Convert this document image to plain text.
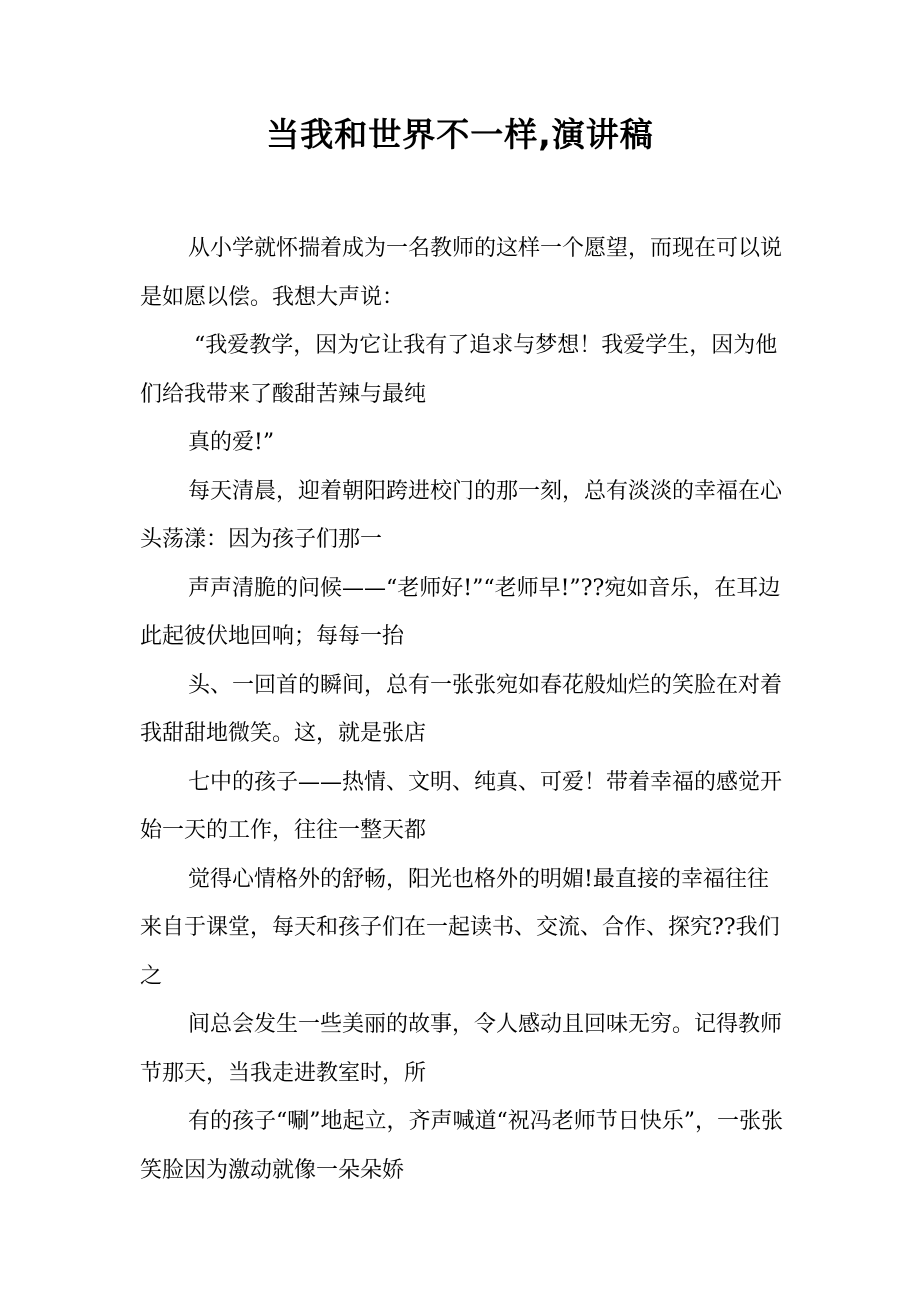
当我和世界不一样,演讲稿

从小学就怀揣着成为一名教师的这样一个愿望，而现在可以说是如愿以偿。我想大声说：

“我爱教学，因为它让我有了追求与梦想！我爱学生，因为他们给我带来了酸甜苦辣与最纯

真的爱!”

每天清晨，迎着朝阳跨进校门的那一刻，总有淡淡的幸福在心头荡漾：因为孩子们那一

声声清脆的问候——“老师好!”“老师早!”??宛如音乐，在耳边此起彼伏地回响；每每一抬

头、一回首的瞬间，总有一张张宛如春花般灿烂的笑脸在对着我甜甜地微笑。这，就是张店

七中的孩子——热情、文明、纯真、可爱！带着幸福的感觉开始一天的工作，往往一整天都

觉得心情格外的舒畅，阳光也格外的明媚!最直接的幸福往往来自于课堂，每天和孩子们在一起读书、交流、合作、探究??我们之

间总会发生一些美丽的故事，令人感动且回味无穷。记得教师节那天，当我走进教室时，所

有的孩子“唰”地起立，齐声喊道“祝冯老师节日快乐”，一张张笑脸因为激动就像一朵朵娇
